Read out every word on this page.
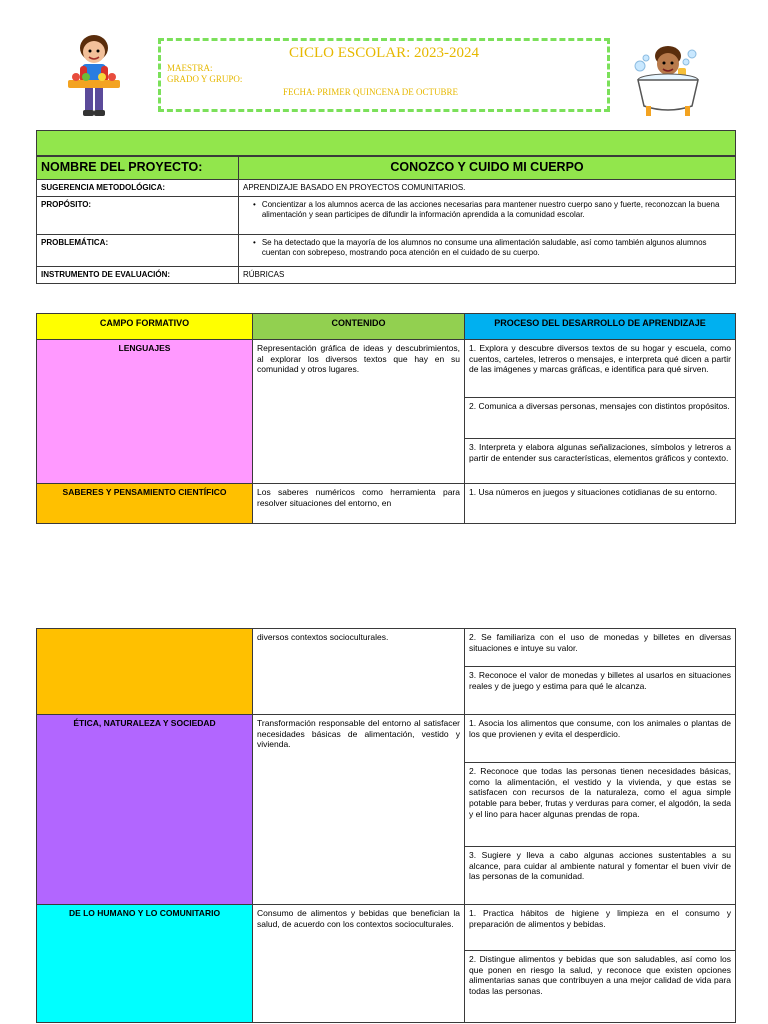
CICLO ESCOLAR: 2023-2024
MAESTRA:
GRADO Y GRUPO:
FECHA: PRIMER QUINCENA DE OCTUBRE
NOMBRE DEL PROYECTO:	CONOZCO Y CUIDO MI CUERPO
SUGERENCIA METODOLÓGICA:	APRENDIZAJE BASADO EN PROYECTOS COMUNITARIOS.
PROPÓSITO:	• Concientizar a los alumnos acerca de las acciones necesarias para mantener nuestro cuerpo sano y fuerte, reconozcan la buena alimentación y sean participes de difundir la información aprendida a la comunidad escolar.

PROBLEMÁTICA:	• Se ha detectado que la mayoría de los alumnos no consume una alimentación saludable, así como también algunos alumnos cuentan con sobrepeso, mostrando poca atención en el cuidado de su cuerpo.

INSTRUMENTO DE EVALUACIÓN:	RÚBRICAS
CAMPO FORMATIVO	CONTENIDO	PROCESO DEL DESARROLLO DE APRENDIZAJE
LENGUAJES	Representación gráfica de ideas y descubrimientos, al explorar los diversos textos que hay en su comunidad y otros lugares.	1. Explora y descubre diversos textos de su hogar y escuela, como cuentos, carteles, letreros o mensajes, e interpreta qué dicen a partir de las imágenes y marcas gráficas, e identifica para qué sirven.
		2. Comunica a diversas personas, mensajes con distintos propósitos.
		3. Interpreta y elabora algunas señalizaciones, símbolos y letreros a partir de entender sus características, elementos gráficos y contexto.
SABERES Y PENSAMIENTO CIENTÍFICO	Los saberes numéricos como herramienta para resolver situaciones del entorno, en	1. Usa números en juegos y situaciones cotidianas de su entorno.
	diversos contextos socioculturales.	2. Se familiariza con el uso de monedas y billetes en diversas situaciones e intuye su valor.
		3. Reconoce el valor de monedas y billetes al usarlos en situaciones reales y de juego y estima para qué le alcanza.
ÉTICA, NATURALEZA Y SOCIEDAD	Transformación responsable del entorno al satisfacer necesidades básicas de alimentación, vestido y vivienda.	1. Asocia los alimentos que consume, con los animales o plantas de los que provienen y evita el desperdicio.
		2. Reconoce que todas las personas tienen necesidades básicas, como la alimentación, el vestido y la vivienda, y que estas se satisfacen con recursos de la naturaleza, como el agua simple potable para beber, frutas y verduras para comer, el algodón, la seda y el lino para hacer algunas prendas de ropa.
		3. Sugiere y lleva a cabo algunas acciones sustentables a su alcance, para cuidar al ambiente natural y fomentar el buen vivir de las personas de la comunidad.
DE LO HUMANO Y LO COMUNITARIO	Consumo de alimentos y bebidas que benefician la salud, de acuerdo con los contextos socioculturales.	1. Practica hábitos de higiene y limpieza en el consumo y preparación de alimentos y bebidas.
		2. Distingue alimentos y bebidas que son saludables, así como los que ponen en riesgo la salud, y reconoce que existen opciones alimentarias sanas que contribuyen a una mejor calidad de vida para todas las personas.
